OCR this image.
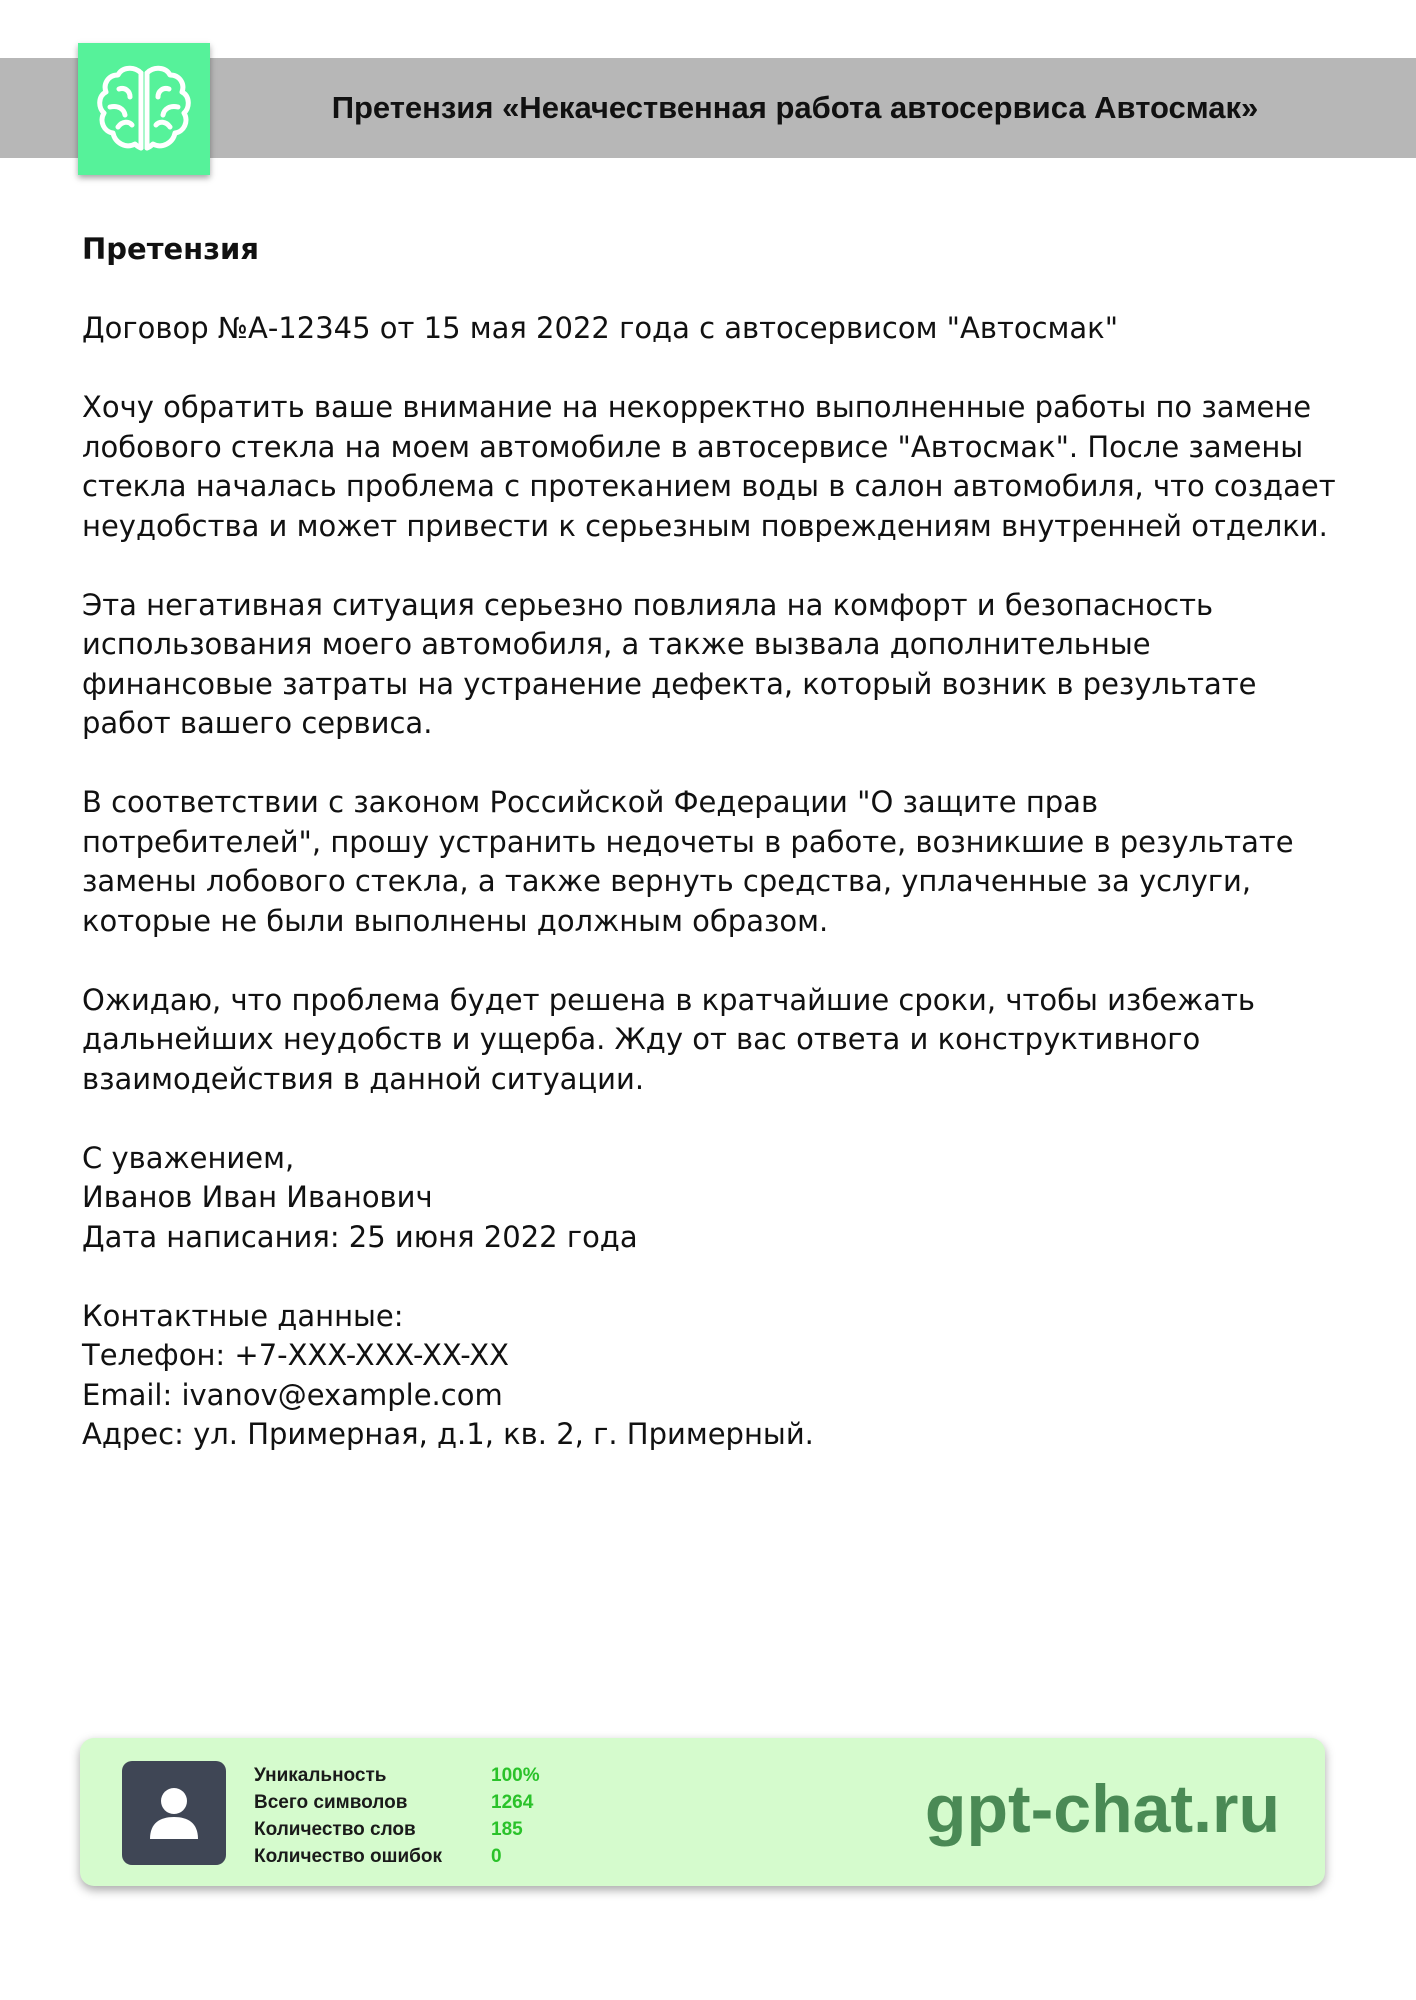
Претензия «Некачественная работа автосервиса Автосмак»

Претензия

Договор №А-12345 от 15 мая 2022 года с автосервисом "Автосмак"

Хочу обратить ваше внимание на некорректно выполненные работы по замене лобового стекла на моем автомобиле в автосервисе "Автосмак". После замены стекла началась проблема с протеканием воды в салон автомобиля, что создает неудобства и может привести к серьезным повреждениям внутренней отделки.

Эта негативная ситуация серьезно повлияла на комфорт и безопасность использования моего автомобиля, а также вызвала дополнительные финансовые затраты на устранение дефекта, который возник в результате работ вашего сервиса.

В соответствии с законом Российской Федерации "О защите прав потребителей", прошу устранить недочеты в работе, возникшие в результате замены лобового стекла, а также вернуть средства, уплаченные за услуги, которые не были выполнены должным образом.

Ожидаю, что проблема будет решена в кратчайшие сроки, чтобы избежать дальнейших неудобств и ущерба. Жду от вас ответа и конструктивного взаимодействия в данной ситуации.

С уважением,

Иванов Иван Иванович

Дата написания: 25 июня 2022 года

Контактные данные:

Телефон: +7-XXX-XXX-XX-XX

Email: ivanov@example.com

Адрес: ул. Примерная, д.1, кв. 2, г. Примерный.

Уникальность	100%
Всего символов	1264
Количество слов	185
Количество ошибок	0
gpt-chat.ru
